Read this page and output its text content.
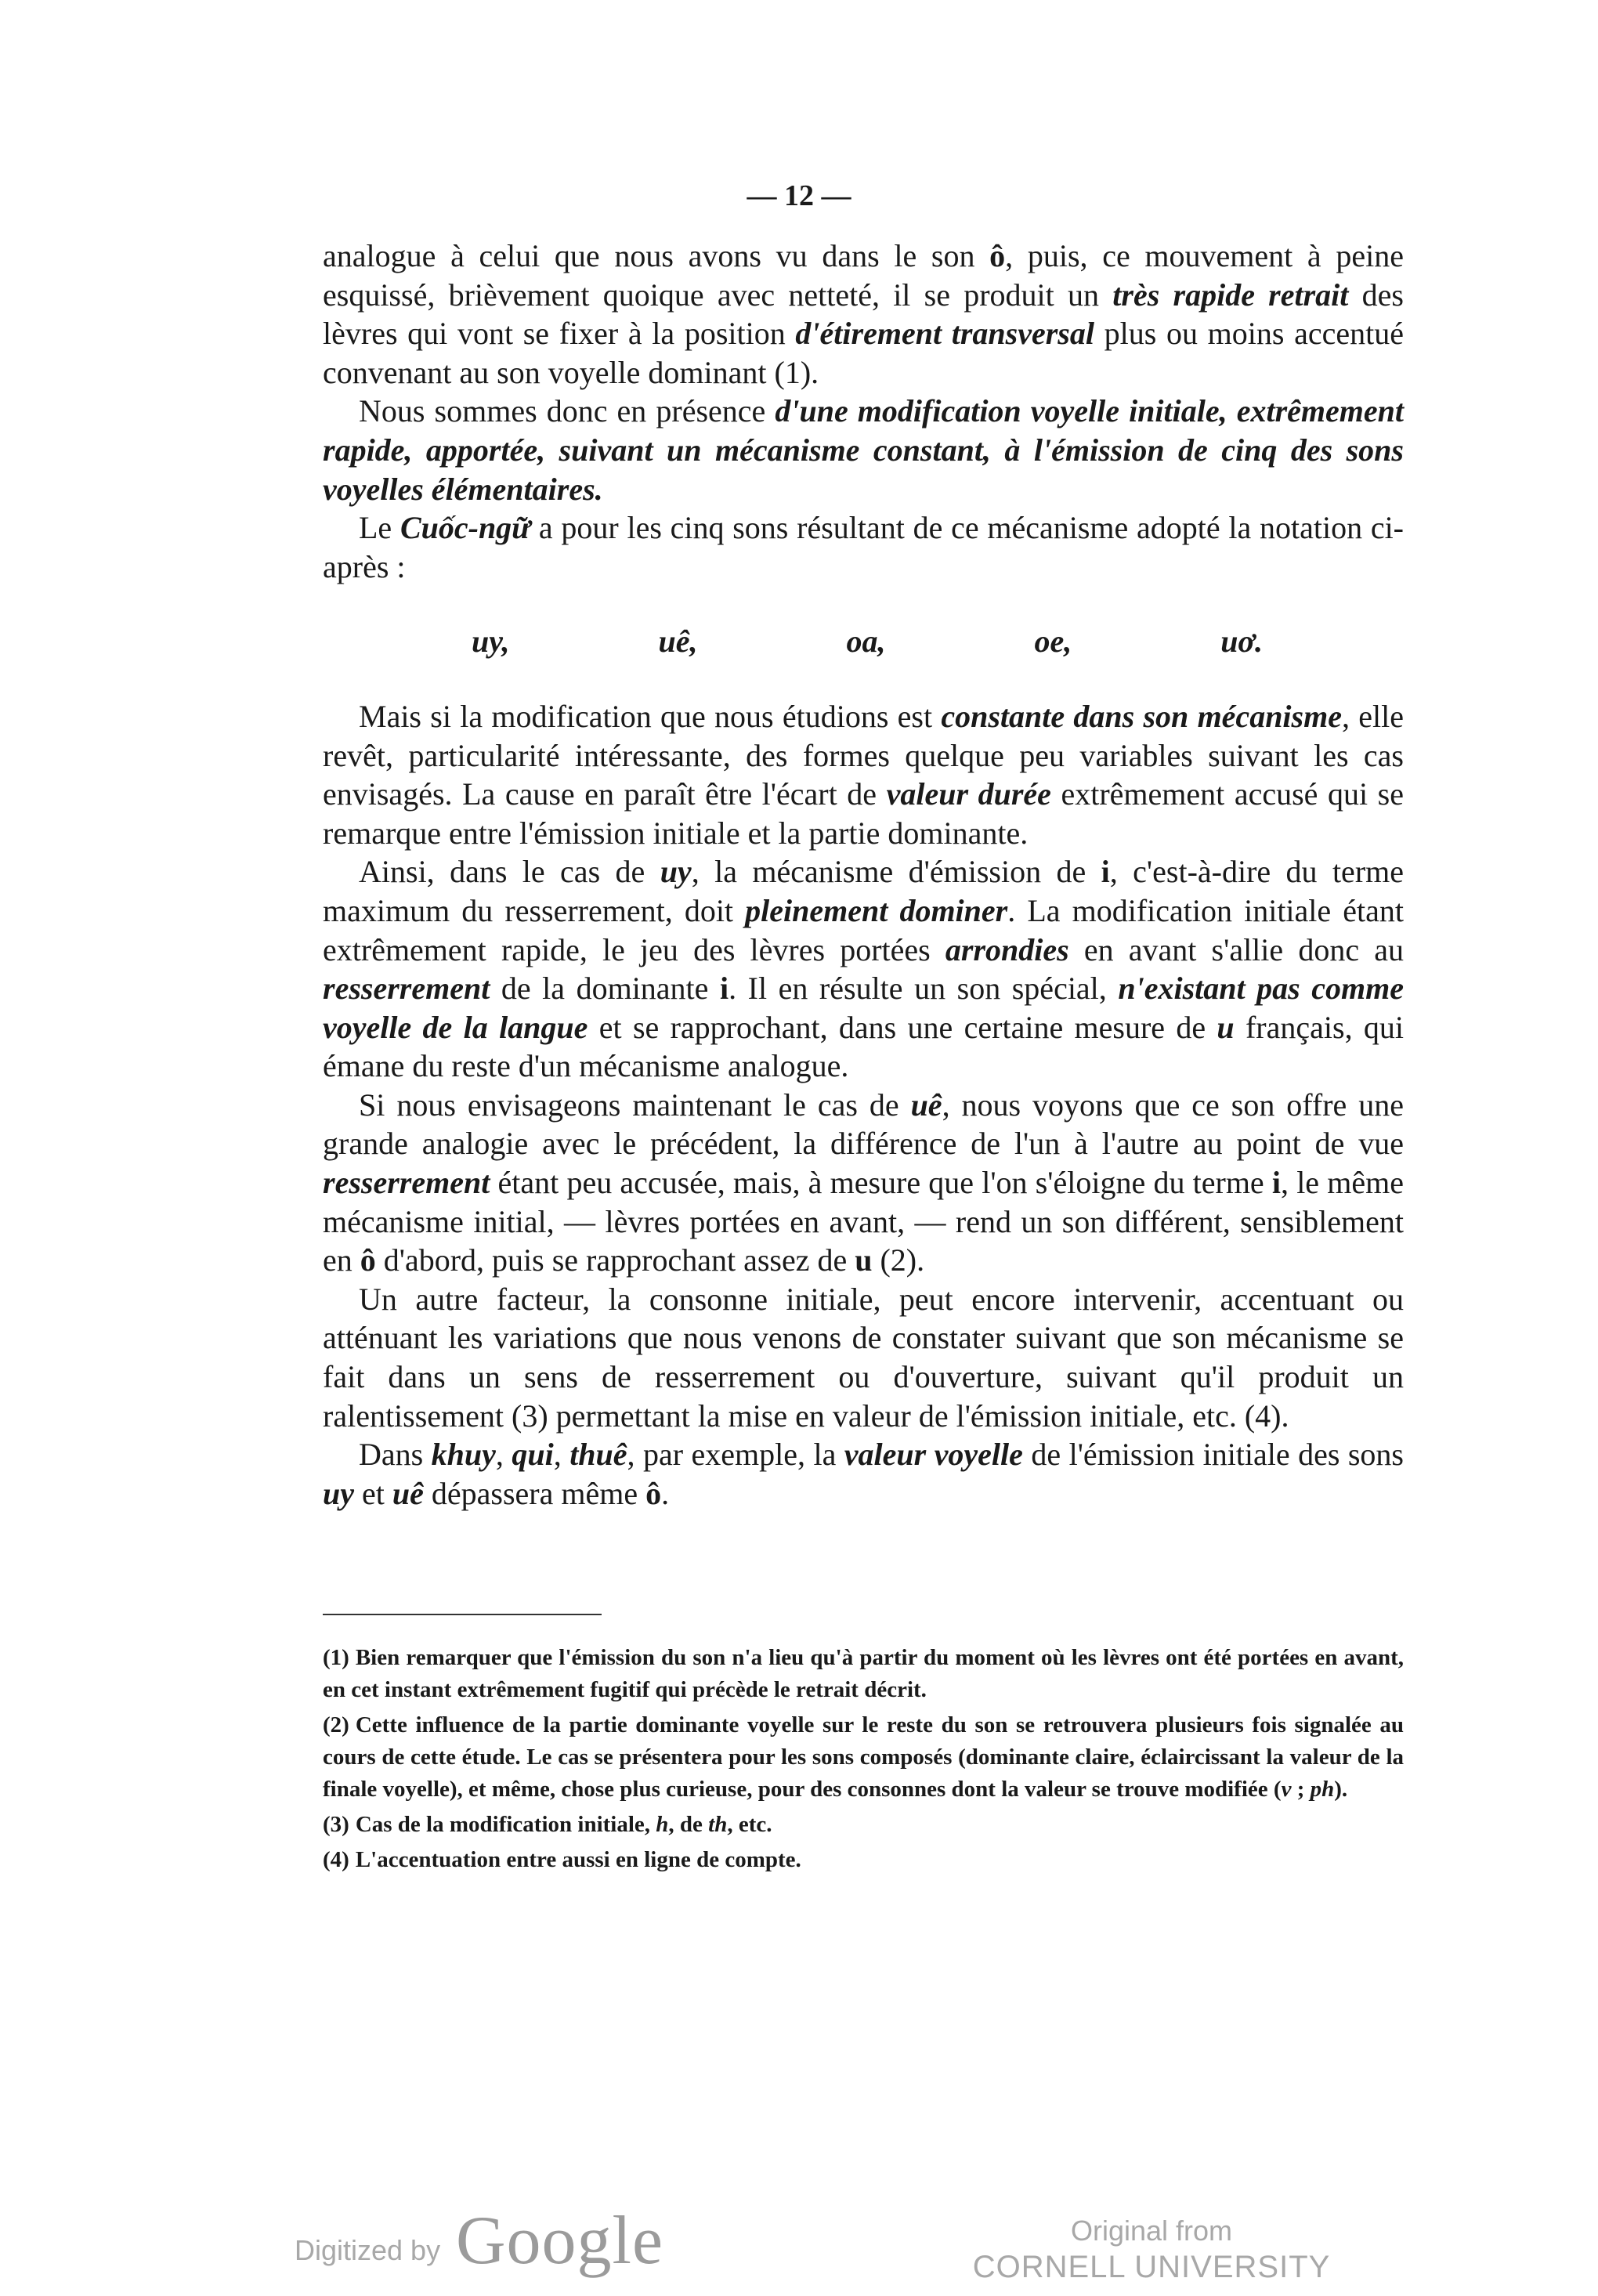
— 12 —

analogue à celui que nous avons vu dans le son ô, puis, ce mouvement à peine esquissé, brièvement quoique avec netteté, il se produit un très rapide retrait des lèvres qui vont se fixer à la position d'étirement transversal plus ou moins accentué convenant au son voyelle dominant (1).

Nous sommes donc en présence d'une modification voyelle initiale, extrêmement rapide, apportée, suivant un mécanisme constant, à l'émission de cinq des sons voyelles élémentaires.

Le Cuốc-ngữ a pour les cinq sons résultant de ce mécanisme adopté la notation ci-après :

uy,	uê,	oa,	oe,	uơ.

Mais si la modification que nous étudions est constante dans son mécanisme, elle revêt, particularité intéressante, des formes quelque peu variables suivant les cas envisagés. La cause en paraît être l'écart de valeur durée extrêmement accusé qui se remarque entre l'émission initiale et la partie dominante.

Ainsi, dans le cas de uy, la mécanisme d'émission de i, c'est-à-dire du terme maximum du resserrement, doit pleinement dominer. La modification initiale étant extrêmement rapide, le jeu des lèvres portées arrondies en avant s'allie donc au resserrement de la dominante i. Il en résulte un son spécial, n'existant pas comme voyelle de la langue et se rapprochant, dans une certaine mesure de u français, qui émane du reste d'un mécanisme analogue.

Si nous envisageons maintenant le cas de uê, nous voyons que ce son offre une grande analogie avec le précédent, la différence de l'un à l'autre au point de vue resserrement étant peu accusée, mais, à mesure que l'on s'éloigne du terme i, le même mécanisme initial, — lèvres portées en avant, — rend un son différent, sensiblement en ô d'abord, puis se rapprochant assez de u (2).

Un autre facteur, la consonne initiale, peut encore intervenir, accentuant ou atténuant les variations que nous venons de constater suivant que son mécanisme se fait dans un sens de resserrement ou d'ouverture, suivant qu'il produit un ralentissement (3) permettant la mise en valeur de l'émission initiale, etc. (4).

Dans khuy, qui, thuê, par exemple, la valeur voyelle de l'émission initiale des sons uy et uê dépassera même ô.

(1) Bien remarquer que l'émission du son n'a lieu qu'à partir du moment où les lèvres ont été portées en avant, en cet instant extrêmement fugitif qui précède le retrait décrit.

(2) Cette influence de la partie dominante voyelle sur le reste du son se retrouvera plusieurs fois signalée au cours de cette étude. Le cas se présentera pour les sons composés (dominante claire, éclaircissant la valeur de la finale voyelle), et même, chose plus curieuse, pour des consonnes dont la valeur se trouve modifiée (v ; ph).

(3) Cas de la modification initiale, h, de th, etc.

(4) L'accentuation entre aussi en ligne de compte.

Digitized by Google	Original from
CORNELL UNIVERSITY
